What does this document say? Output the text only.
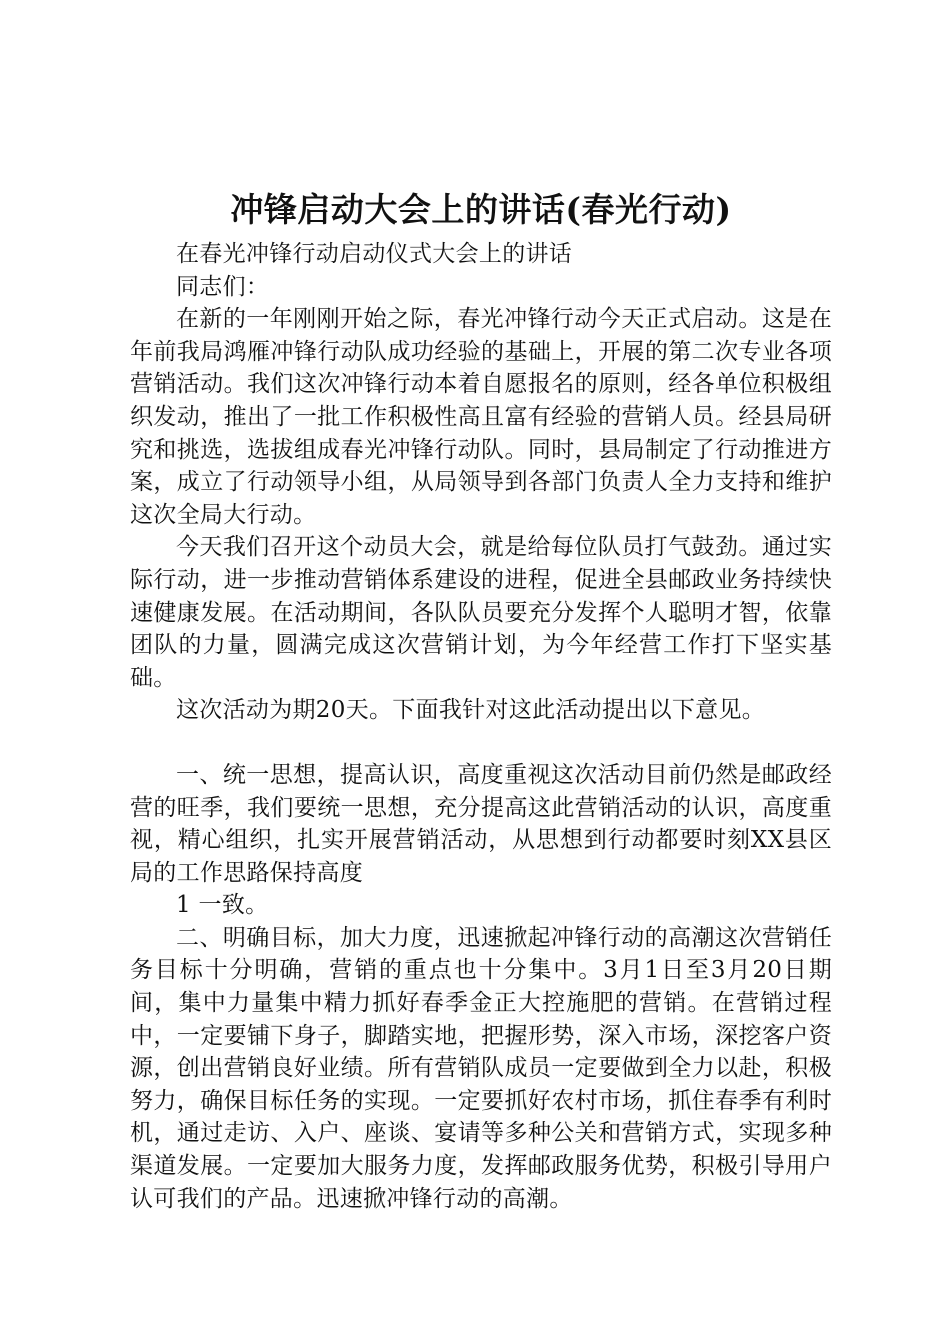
冲锋启动大会上的讲话(春光行动)

在春光冲锋行动启动仪式大会上的讲话

同志们：

在新的一年刚刚开始之际，春光冲锋行动今天正式启动。这是在年前我局鸿雁冲锋行动队成功经验的基础上，开展的第二次专业各项营销活动。我们这次冲锋行动本着自愿报名的原则，经各单位积极组织发动，推出了一批工作积极性高且富有经验的营销人员。经县局研究和挑选，选拔组成春光冲锋行动队。同时，县局制定了行动推进方案，成立了行动领导小组，从局领导到各部门负责人全力支持和维护这次全局大行动。

今天我们召开这个动员大会，就是给每位队员打气鼓劲。通过实际行动，进一步推动营销体系建设的进程，促进全县邮政业务持续快速健康发展。在活动期间，各队队员要充分发挥个人聪明才智，依靠团队的力量，圆满完成这次营销计划，为今年经营工作打下坚实基础。

这次活动为期20天。下面我针对这此活动提出以下意见。

一、统一思想，提高认识，高度重视这次活动目前仍然是邮政经营的旺季，我们要统一思想，充分提高这此营销活动的认识，高度重视，精心组织，扎实开展营销活动，从思想到行动都要时刻XX县区局的工作思路保持高度

1 一致。

二、明确目标，加大力度，迅速掀起冲锋行动的高潮这次营销任务目标十分明确，营销的重点也十分集中。3月1日至3月20日期间，集中力量集中精力抓好春季金正大控施肥的营销。在营销过程中，一定要铺下身子，脚踏实地，把握形势，深入市场，深挖客户资源，创出营销良好业绩。所有营销队成员一定要做到全力以赴，积极努力，确保目标任务的实现。一定要抓好农村市场，抓住春季有利时机，通过走访、入户、座谈、宴请等多种公关和营销方式，实现多种渠道发展。一定要加大服务力度，发挥邮政服务优势，积极引导用户认可我们的产品。迅速掀冲锋行动的高潮。
